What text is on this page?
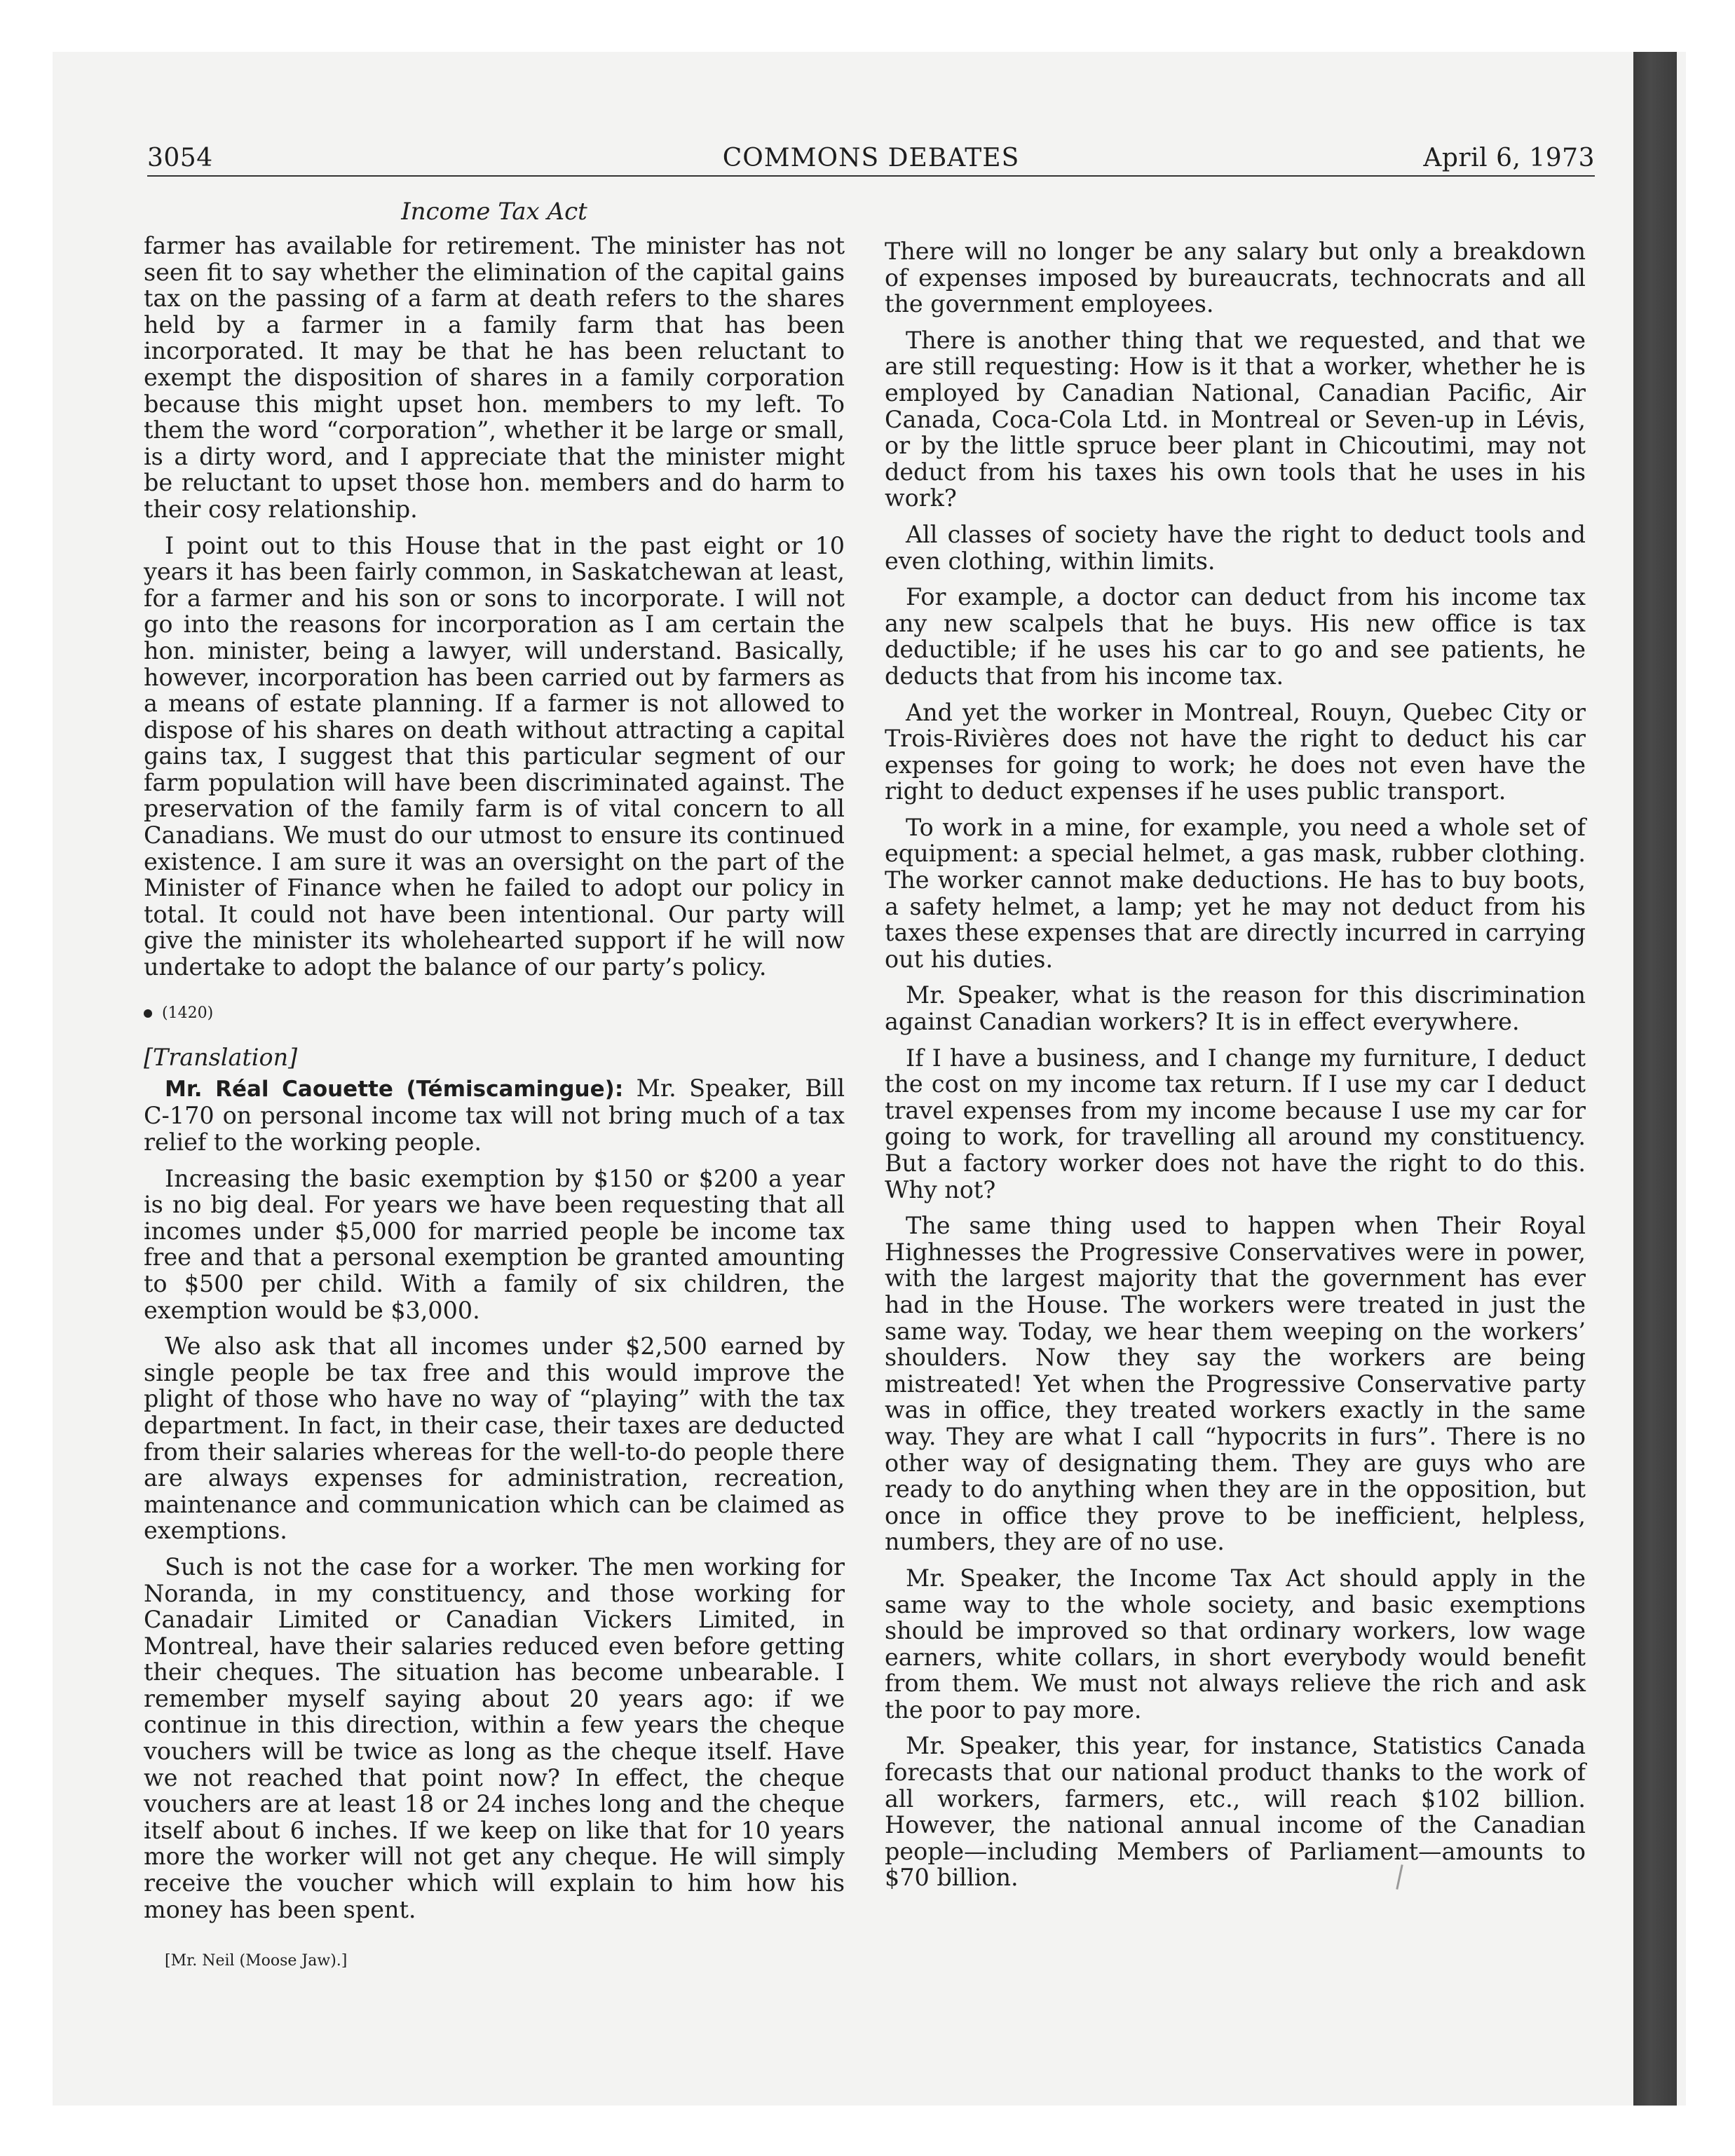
3054	COMMONS DEBATES	April 6, 1973
Income Tax Act

farmer has available for retirement. The minister has not seen fit to say whether the elimination of the capital gains tax on the passing of a farm at death refers to the shares held by a farmer in a family farm that has been incorporated. It may be that he has been reluctant to exempt the disposition of shares in a family corporation because this might upset hon. members to my left. To them the word “corporation”, whether it be large or small, is a dirty word, and I appreciate that the minister might be reluctant to upset those hon. members and do harm to their cosy relationship.

I point out to this House that in the past eight or 10 years it has been fairly common, in Saskatchewan at least, for a farmer and his son or sons to incorporate. I will not go into the reasons for incorporation as I am certain the hon. minister, being a lawyer, will understand. Basically, however, incorporation has been carried out by farmers as a means of estate planning. If a farmer is not allowed to dispose of his shares on death without attracting a capital gains tax, I suggest that this particular segment of our farm population will have been discriminated against. The preservation of the family farm is of vital concern to all Canadians. We must do our utmost to ensure its continued existence. I am sure it was an oversight on the part of the Minister of Finance when he failed to adopt our policy in total. It could not have been intentional. Our party will give the minister its wholehearted support if he will now undertake to adopt the balance of our party’s policy.

(1420)
[Translation]

Mr. Réal Caouette (Témiscamingue): Mr. Speaker, Bill C-170 on personal income tax will not bring much of a tax relief to the working people.

Increasing the basic exemption by $150 or $200 a year is no big deal. For years we have been requesting that all incomes under $5,000 for married people be income tax free and that a personal exemption be granted amounting to $500 per child. With a family of six children, the exemption would be $3,000.

We also ask that all incomes under $2,500 earned by single people be tax free and this would improve the plight of those who have no way of “playing” with the tax department. In fact, in their case, their taxes are deducted from their salaries whereas for the well-to-do people there are always expenses for administration, recreation, maintenance and communication which can be claimed as exemptions.

Such is not the case for a worker. The men working for Noranda, in my constituency, and those working for Canadair Limited or Canadian Vickers Limited, in Montreal, have their salaries reduced even before getting their cheques. The situation has become unbearable. I remember myself saying about 20 years ago: if we continue in this direction, within a few years the cheque vouchers will be twice as long as the cheque itself. Have we not reached that point now? In effect, the cheque vouchers are at least 18 or 24 inches long and the cheque itself about 6 inches. If we keep on like that for 10 years more the worker will not get any cheque. He will simply receive the voucher which will explain to him how his money has been spent.

[Mr. Neil (Moose Jaw).]

There will no longer be any salary but only a breakdown of expenses imposed by bureaucrats, technocrats and all the government employees.

There is another thing that we requested, and that we are still requesting: How is it that a worker, whether he is employed by Canadian National, Canadian Pacific, Air Canada, Coca-Cola Ltd. in Montreal or Seven-up in Lévis, or by the little spruce beer plant in Chicoutimi, may not deduct from his taxes his own tools that he uses in his work?

All classes of society have the right to deduct tools and even clothing, within limits.

For example, a doctor can deduct from his income tax any new scalpels that he buys. His new office is tax deductible; if he uses his car to go and see patients, he deducts that from his income tax.

And yet the worker in Montreal, Rouyn, Quebec City or Trois-Rivières does not have the right to deduct his car expenses for going to work; he does not even have the right to deduct expenses if he uses public transport.

To work in a mine, for example, you need a whole set of equipment: a special helmet, a gas mask, rubber clothing. The worker cannot make deductions. He has to buy boots, a safety helmet, a lamp; yet he may not deduct from his taxes these expenses that are directly incurred in carrying out his duties.

Mr. Speaker, what is the reason for this discrimination against Canadian workers? It is in effect everywhere.

If I have a business, and I change my furniture, I deduct the cost on my income tax return. If I use my car I deduct travel expenses from my income because I use my car for going to work, for travelling all around my constituency. But a factory worker does not have the right to do this. Why not?

The same thing used to happen when Their Royal Highnesses the Progressive Conservatives were in power, with the largest majority that the government has ever had in the House. The workers were treated in just the same way. Today, we hear them weeping on the workers’ shoulders. Now they say the workers are being mistreated! Yet when the Progressive Conservative party was in office, they treated workers exactly in the same way. They are what I call “hypocrits in furs”. There is no other way of designating them. They are guys who are ready to do anything when they are in the opposition, but once in office they prove to be inefficient, helpless, numbers, they are of no use.

Mr. Speaker, the Income Tax Act should apply in the same way to the whole society, and basic exemptions should be improved so that ordinary workers, low wage earners, white collars, in short everybody would benefit from them. We must not always relieve the rich and ask the poor to pay more.

Mr. Speaker, this year, for instance, Statistics Canada forecasts that our national product thanks to the work of all workers, farmers, etc., will reach $102 billion. However, the national annual income of the Canadian people—including Members of Parliament—amounts to $70 billion.
